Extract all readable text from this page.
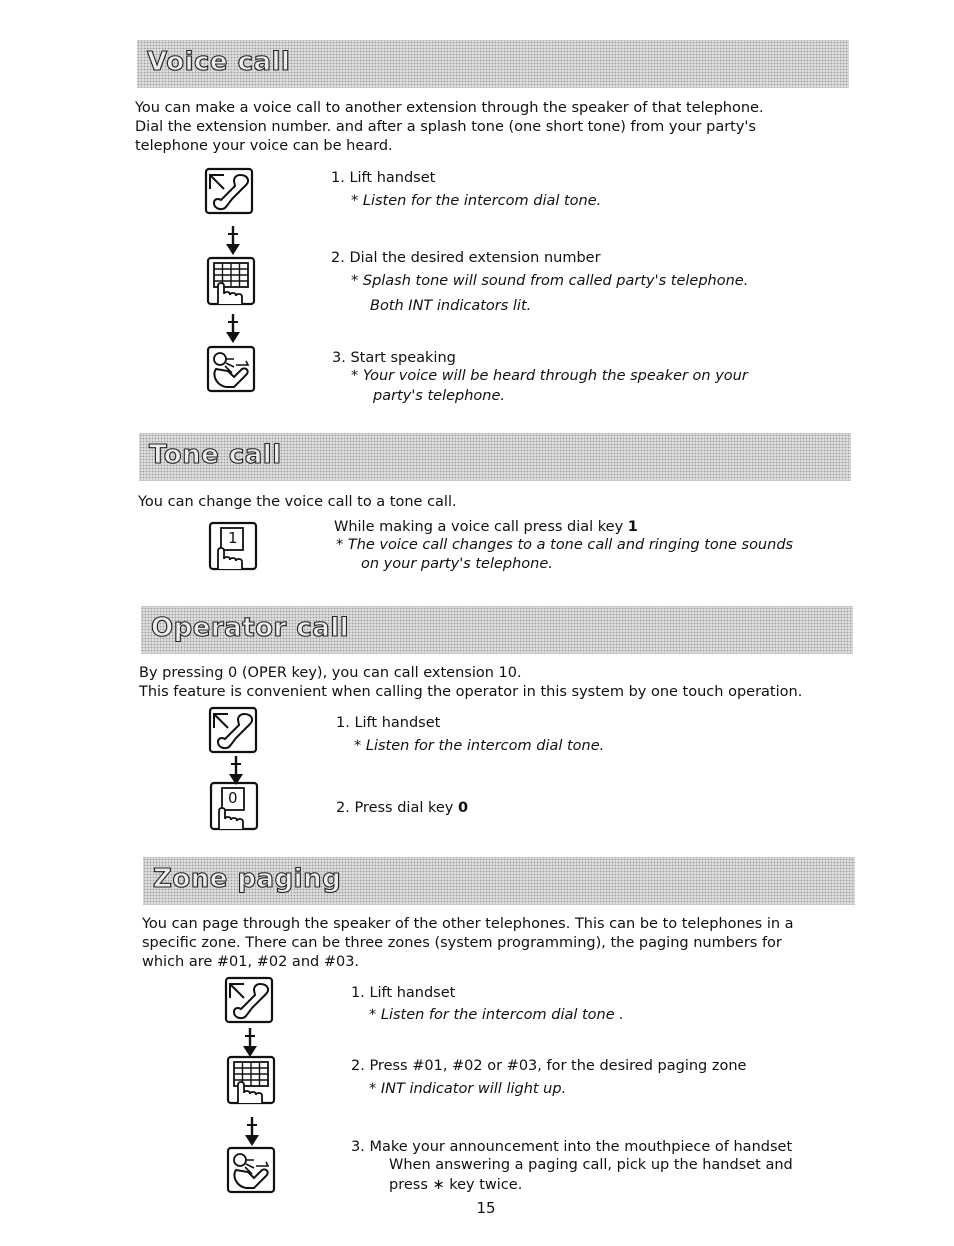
Voice call
You can make a voice call to another extension through the speaker of that telephone.
Dial the extension number. and after a splash tone (one short tone) from your party's
telephone your voice can be heard.
1. Lift handset
* Listen for the intercom dial tone.
2. Dial the desired extension number
* Splash tone will sound from called party's telephone.
Both INT indicators lit.
3. Start speaking
* Your voice will be heard through the speaker on your
party's telephone.
Tone call
You can change the voice call to a tone call.
1
While making a voice call press dial key 1
* The voice call changes to a tone call and ringing tone sounds
on your party's telephone.
Operator call
By pressing 0 (OPER key), you can call extension 10.
This feature is convenient when calling the operator in this system by one touch operation.
0
1. Lift handset
* Listen for the intercom dial tone.
2. Press dial key 0
Zone paging
You can page through the speaker of the other telephones. This can be to telephones in a
specific zone. There can be three zones (system programming), the paging numbers for
which are #01, #02 and #03.
1. Lift handset
* Listen for the intercom dial tone .
2. Press #01, #02 or #03, for the desired paging zone
* INT indicator will light up.
3. Make your announcement into the mouthpiece of handset
When answering a paging call, pick up the handset and
press ∗ key twice.
15
